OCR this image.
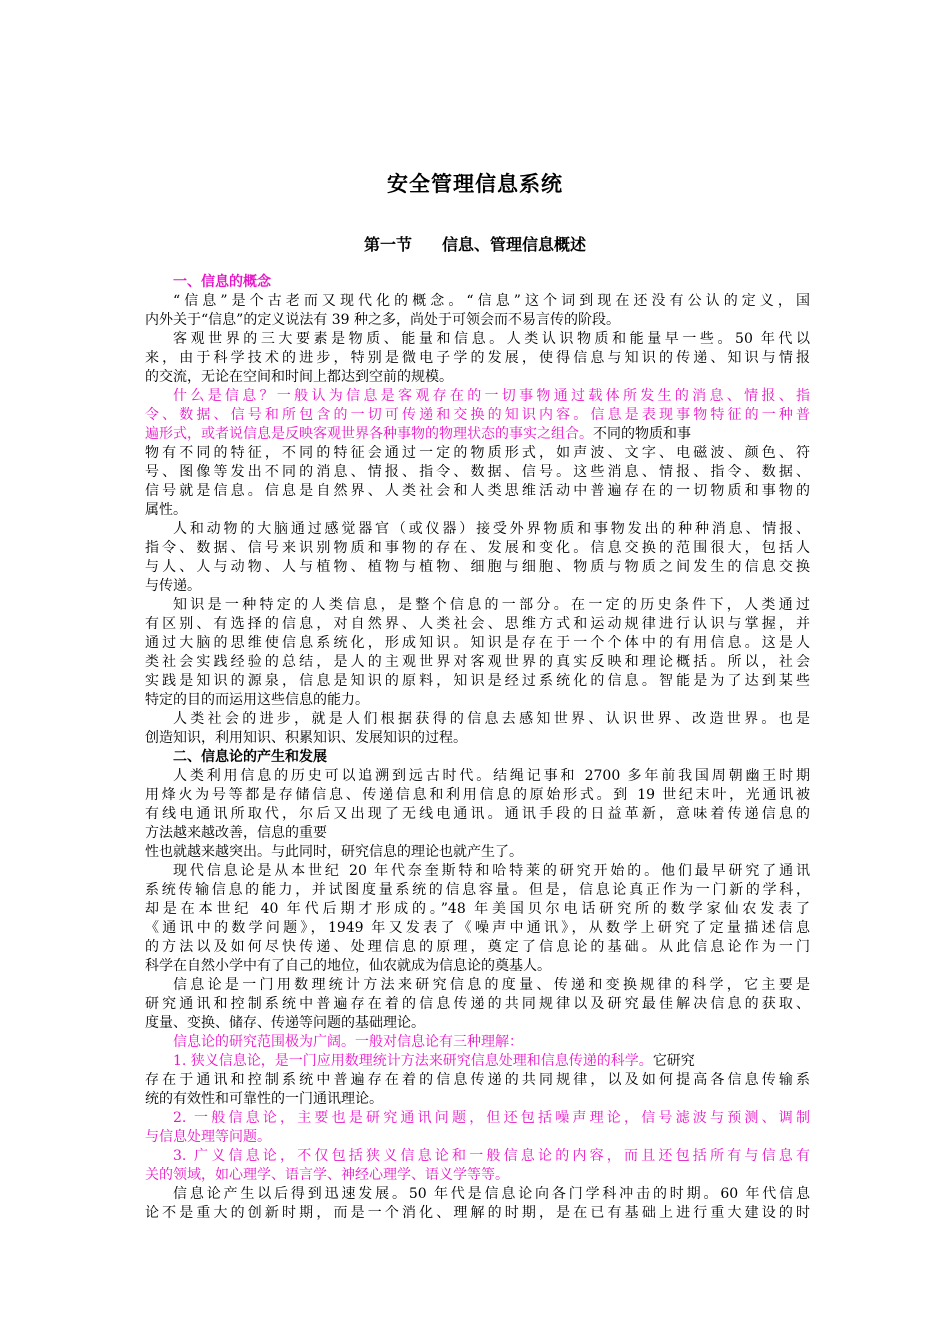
安全管理信息系统
第一节 信息、管理信息概述
一、信息的概念
“信息”是个古老而又现代化的概念。“信息”这个词到现在还没有公认的定义，国
内外关于“信息”的定义说法有 39 种之多，尚处于可领会而不易言传的阶段。
客观世界的三大要素是物质、能量和信息。人类认识物质和能量早一些。50 年代以
来，由于科学技术的进步，特别是微电子学的发展，使得信息与知识的传递、知识与情报
的交流，无论在空间和时间上都达到空前的规模。
什么是信息？一般认为信息是客观存在的一切事物通过载体所发生的消息、情报、指
令、数据、信号和所包含的一切可传递和交换的知识内容。信息是表现事物特征的一种普
遍形式，或者说信息是反映客观世界各种事物的物理状态的事实之组合。不同的物质和事
物有不同的特征，不同的特征会通过一定的物质形式，如声波、文字、电磁波、颜色、符
号、图像等发出不同的消息、情报、指令、数据、信号。这些消息、情报、指令、数据、
信号就是信息。信息是自然界、人类社会和人类思维活动中普遍存在的一切物质和事物的
属性。
人和动物的大脑通过感觉器官（或仪器）接受外界物质和事物发出的种种消息、情报、
指令、数据、信号来识别物质和事物的存在、发展和变化。信息交换的范围很大，包括人
与人、人与动物、人与植物、植物与植物、细胞与细胞、物质与物质之间发生的信息交换
与传递。
知识是一种特定的人类信息，是整个信息的一部分。在一定的历史条件下，人类通过
有区别、有选择的信息，对自然界、人类社会、思维方式和运动规律进行认识与掌握，并
通过大脑的思维使信息系统化，形成知识。知识是存在于一个个体中的有用信息。这是人
类社会实践经验的总结，是人的主观世界对客观世界的真实反映和理论概括。所以，社会
实践是知识的源泉，信息是知识的原料，知识是经过系统化的信息。智能是为了达到某些
特定的目的而运用这些信息的能力。
人类社会的进步，就是人们根据获得的信息去感知世界、认识世界、改造世界。也是
创造知识，利用知识、积累知识、发展知识的过程。
二、信息论的产生和发展
人类利用信息的历史可以追溯到远古时代。结绳记事和 2700 多年前我国周朝幽王时期
用烽火为号等都是存储信息、传递信息和利用信息的原始形式。到 19 世纪末叶，光通讯被
有线电通讯所取代，尔后又出现了无线电通讯。通讯手段的日益革新，意味着传递信息的
方法越来越改善，信息的重要
性也就越来越突出。与此同时，研究信息的理论也就产生了。
现代信息论是从本世纪 20 年代奈奎斯特和哈特莱的研究开始的。他们最早研究了通讯
系统传输信息的能力，并试图度量系统的信息容量。但是，信息论真正作为一门新的学科，
却是在本世纪 40 年代后期才形成的。”48 年美国贝尔电话研究所的数学家仙农发表了
《通讯中的数学问题》，1949 年又发表了《噪声中通讯》，从数学上研究了定量描述信息
的方法以及如何尽快传递、处理信息的原理，奠定了信息论的基础。从此信息论作为一门
科学在自然小学中有了自己的地位，仙农就成为信息论的奠基人。
信息论是一门用数理统计方法来研究信息的度量、传递和变换规律的科学，它主要是
研究通讯和控制系统中普遍存在着的信息传递的共同规律以及研究最佳解决信息的获取、
度量、变换、储存、传递等问题的基础理论。
信息论的研究范围极为广阔。一般对信息论有三种理解：
1. 狭义信息论，是一门应用数理统计方法来研究信息处理和信息传递的科学。它研究
存在于通讯和控制系统中普遍存在着的信息传递的共同规律，以及如何提高各信息传输系
统的有效性和可靠性的一门通讯理论。
2. 一般信息论，主要也是研究通讯问题，但还包括噪声理论，信号滤波与预测、调制
与信息处理等问题。
3. 广义信息论，不仅包括狭义信息论和一般信息论的内容，而且还包括所有与信息有
关的领域，如心理学、语言学、神经心理学、语义学等等。
信息论产生以后得到迅速发展。50 年代是信息论向各门学科冲击的时期。60 年代信息
论不是重大的创新时期，而是一个消化、理解的时期，是在已有基础上进行重大建设的时
